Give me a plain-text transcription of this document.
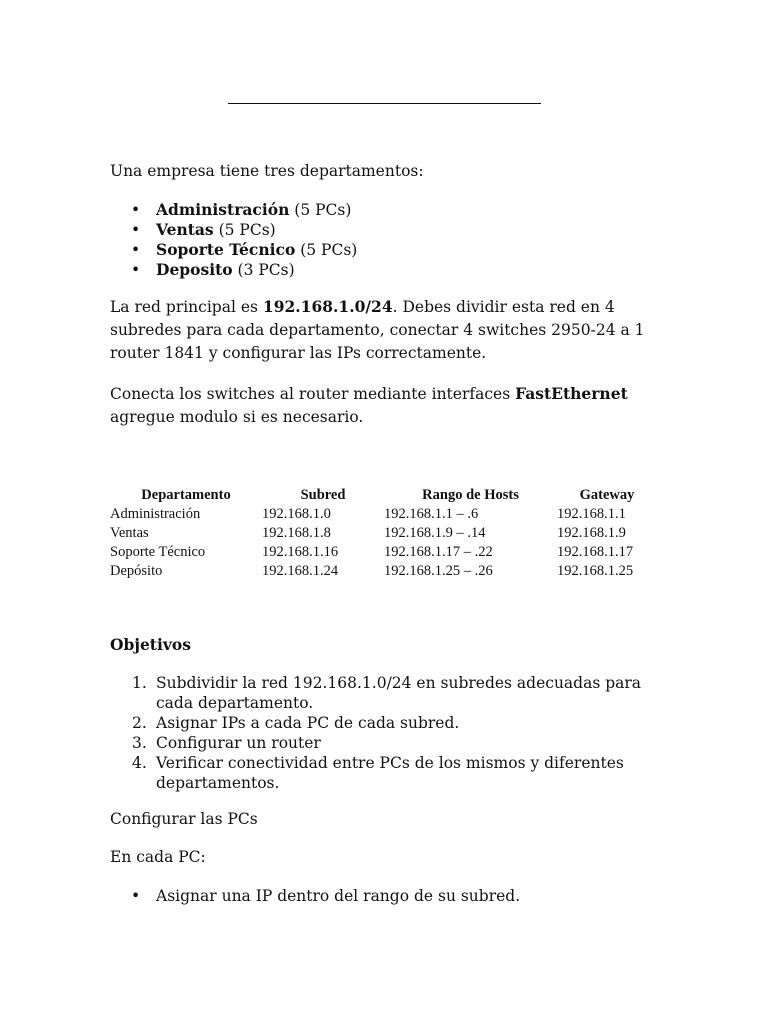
Una empresa tiene tres departamentos:

• Administración (5 PCs)
• Ventas (5 PCs)
• Soporte Técnico (5 PCs)
• Deposito (3 PCs)

La red principal es 192.168.1.0/24. Debes dividir esta red en 4 subredes para cada departamento, conectar 4 switches 2950-24 a 1 router 1841 y configurar las IPs correctamente.

Conecta los switches al router mediante interfaces FastEthernet agregue modulo si es necesario.

Departamento	Subred	Rango de Hosts	Gateway
Administración	192.168.1.0	192.168.1.1 – .6	192.168.1.1
Ventas	192.168.1.8	192.168.1.9 – .14	192.168.1.9
Soporte Técnico	192.168.1.16	192.168.1.17 – .22	192.168.1.17
Depósito	192.168.1.24	192.168.1.25 – .26	192.168.1.25

Objetivos

1. Subdividir la red 192.168.1.0/24 en subredes adecuadas para cada departamento.
2. Asignar IPs a cada PC de cada subred.
3. Configurar un router
4. Verificar conectividad entre PCs de los mismos y diferentes departamentos.

Configurar las PCs

En cada PC:

• Asignar una IP dentro del rango de su subred.
